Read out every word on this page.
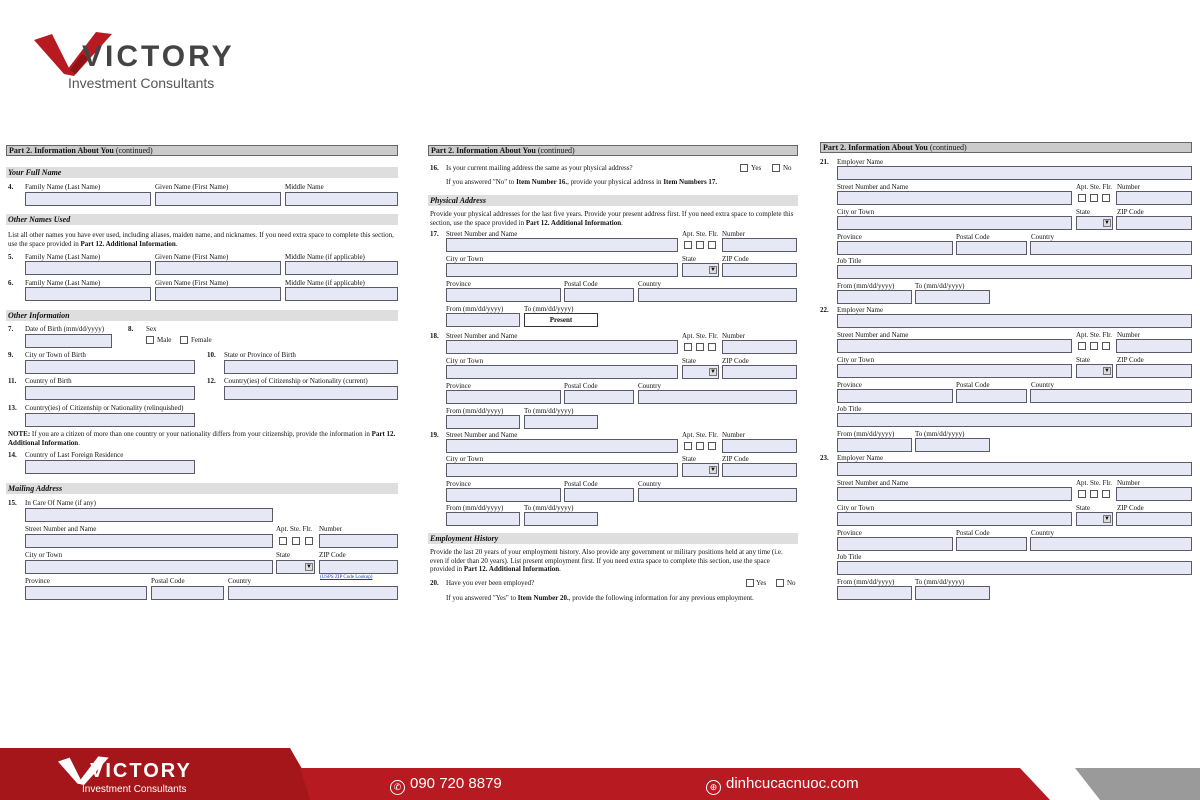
VICTORY
Investment Consultants
Part 2. Information About You (continued)
Your Full Name
4. Family Name (Last Name)	Given Name (First Name)	Middle Name
Other Names Used
List all other names you have ever used, including aliases, maiden name, and nicknames. If you need extra space to complete this section, use the space provided in Part 12. Additional Information.
5. Family Name (Last Name)	Given Name (First Name)	Middle Name (if applicable)
6. Family Name (Last Name)	Given Name (First Name)	Middle Name (if applicable)
Other Information
7. Date of Birth (mm/dd/yyyy)	8. Sex
Male	Female
9. City or Town of Birth	10. State or Province of Birth
11. Country of Birth	12. Country(ies) of Citizenship or Nationality (current)
13. Country(ies) of Citizenship or Nationality (relinquished)
NOTE: If you are a citizen of more than one country or your nationality differs from your citizenship, provide the information in Part 12. Additional Information.
14. Country of Last Foreign Residence
Mailing Address
15. In Care Of Name (if any)
Street Number and Name	Apt. Ste. Flr. Number
City or Town	State	ZIP Code
▼
(USPS ZIP Code Lookup)
Province	Postal Code	Country
Part 2. Information About You (continued)
16. Is your current mailing address the same as your physical address?	Yes	No
If you answered "No" to Item Number 16., provide your physical address in Item Numbers 17.
Physical Address
Provide your physical addresses for the last five years. Provide your present address first. If you need extra space to complete this section, use the space provided in Part 12. Additional Information.
17. Street Number and Name	Apt. Ste. Flr. Number
City or Town	State	ZIP Code
▼
Province	Postal Code	Country
From (mm/dd/yyyy)	To (mm/dd/yyyy)
Present
18. Street Number and Name	Apt. Ste. Flr. Number
City or Town	State	ZIP Code
▼
Province	Postal Code	Country
From (mm/dd/yyyy)	To (mm/dd/yyyy)
19. Street Number and Name	Apt. Ste. Flr. Number
City or Town	State	ZIP Code
▼
Province	Postal Code	Country
From (mm/dd/yyyy)	To (mm/dd/yyyy)
Employment History
Provide the last 20 years of your employment history. Also provide any government or military positions held at any time (i.e. even if older than 20 years). List present employment first. If you need extra space to complete this section, use the space provided in Part 12. Additional Information.
20. Have you ever been employed?	Yes	No
If you answered "Yes" to Item Number 20., provide the following information for any previous employment.
Part 2. Information About You (continued)
21. Employer Name
Street Number and Name	Apt. Ste. Flr. Number
City or Town	State	ZIP Code
▼
Province	Postal Code	Country
Job Title
From (mm/dd/yyyy)	To (mm/dd/yyyy)
22. Employer Name
Street Number and Name	Apt. Ste. Flr. Number
City or Town	State	ZIP Code
▼
Province	Postal Code	Country
Job Title
From (mm/dd/yyyy)	To (mm/dd/yyyy)
23. Employer Name
Street Number and Name	Apt. Ste. Flr. Number
City or Town	State	ZIP Code
▼
Province	Postal Code	Country
Job Title
From (mm/dd/yyyy)	To (mm/dd/yyyy)
VICTORY
Investment Consultants	✆ 090 720 8879	⊕ dinhcucacnuoc.com
